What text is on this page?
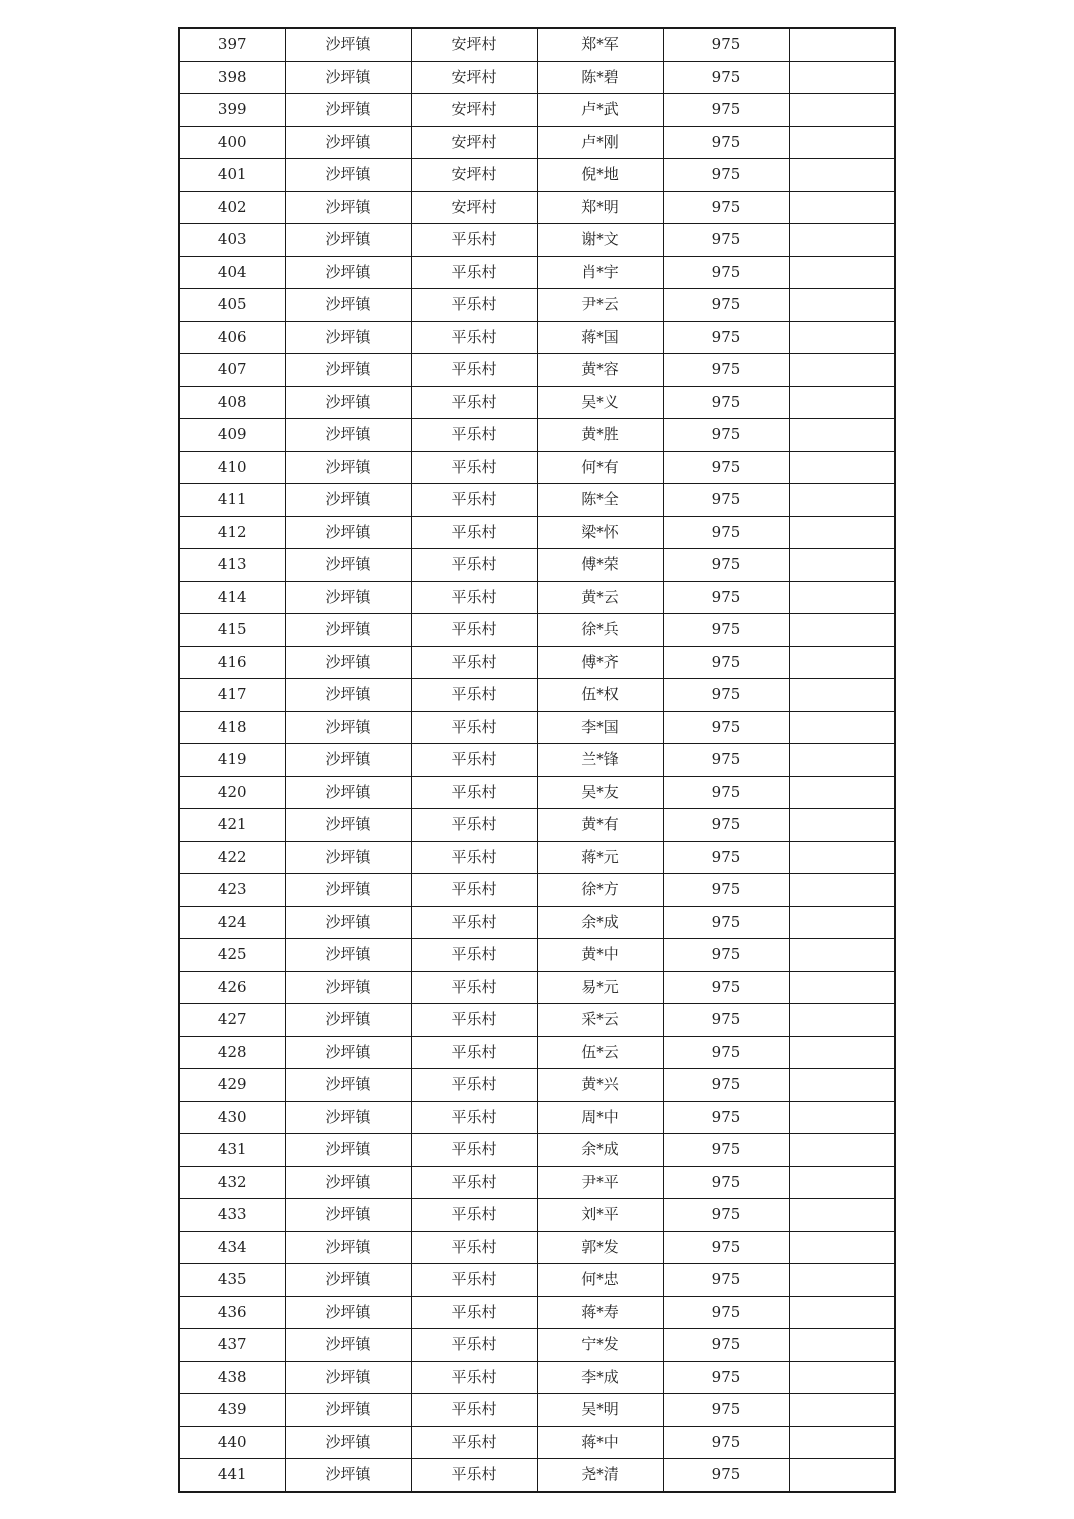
397	沙坪镇	安坪村	郑*军	975	
398	沙坪镇	安坪村	陈*碧	975	
399	沙坪镇	安坪村	卢*武	975	
400	沙坪镇	安坪村	卢*刚	975	
401	沙坪镇	安坪村	倪*地	975	
402	沙坪镇	安坪村	郑*明	975	
403	沙坪镇	平乐村	谢*文	975	
404	沙坪镇	平乐村	肖*宇	975	
405	沙坪镇	平乐村	尹*云	975	
406	沙坪镇	平乐村	蒋*国	975	
407	沙坪镇	平乐村	黄*容	975	
408	沙坪镇	平乐村	吴*义	975	
409	沙坪镇	平乐村	黄*胜	975	
410	沙坪镇	平乐村	何*有	975	
411	沙坪镇	平乐村	陈*全	975	
412	沙坪镇	平乐村	梁*怀	975	
413	沙坪镇	平乐村	傅*荣	975	
414	沙坪镇	平乐村	黄*云	975	
415	沙坪镇	平乐村	徐*兵	975	
416	沙坪镇	平乐村	傅*齐	975	
417	沙坪镇	平乐村	伍*权	975	
418	沙坪镇	平乐村	李*国	975	
419	沙坪镇	平乐村	兰*锋	975	
420	沙坪镇	平乐村	吴*友	975	
421	沙坪镇	平乐村	黄*有	975	
422	沙坪镇	平乐村	蒋*元	975	
423	沙坪镇	平乐村	徐*方	975	
424	沙坪镇	平乐村	余*成	975	
425	沙坪镇	平乐村	黄*中	975	
426	沙坪镇	平乐村	易*元	975	
427	沙坪镇	平乐村	采*云	975	
428	沙坪镇	平乐村	伍*云	975	
429	沙坪镇	平乐村	黄*兴	975	
430	沙坪镇	平乐村	周*中	975	
431	沙坪镇	平乐村	余*成	975	
432	沙坪镇	平乐村	尹*平	975	
433	沙坪镇	平乐村	刘*平	975	
434	沙坪镇	平乐村	郭*发	975	
435	沙坪镇	平乐村	何*忠	975	
436	沙坪镇	平乐村	蒋*寿	975	
437	沙坪镇	平乐村	宁*发	975	
438	沙坪镇	平乐村	李*成	975	
439	沙坪镇	平乐村	吴*明	975	
440	沙坪镇	平乐村	蒋*中	975	
441	沙坪镇	平乐村	尧*清	975	
